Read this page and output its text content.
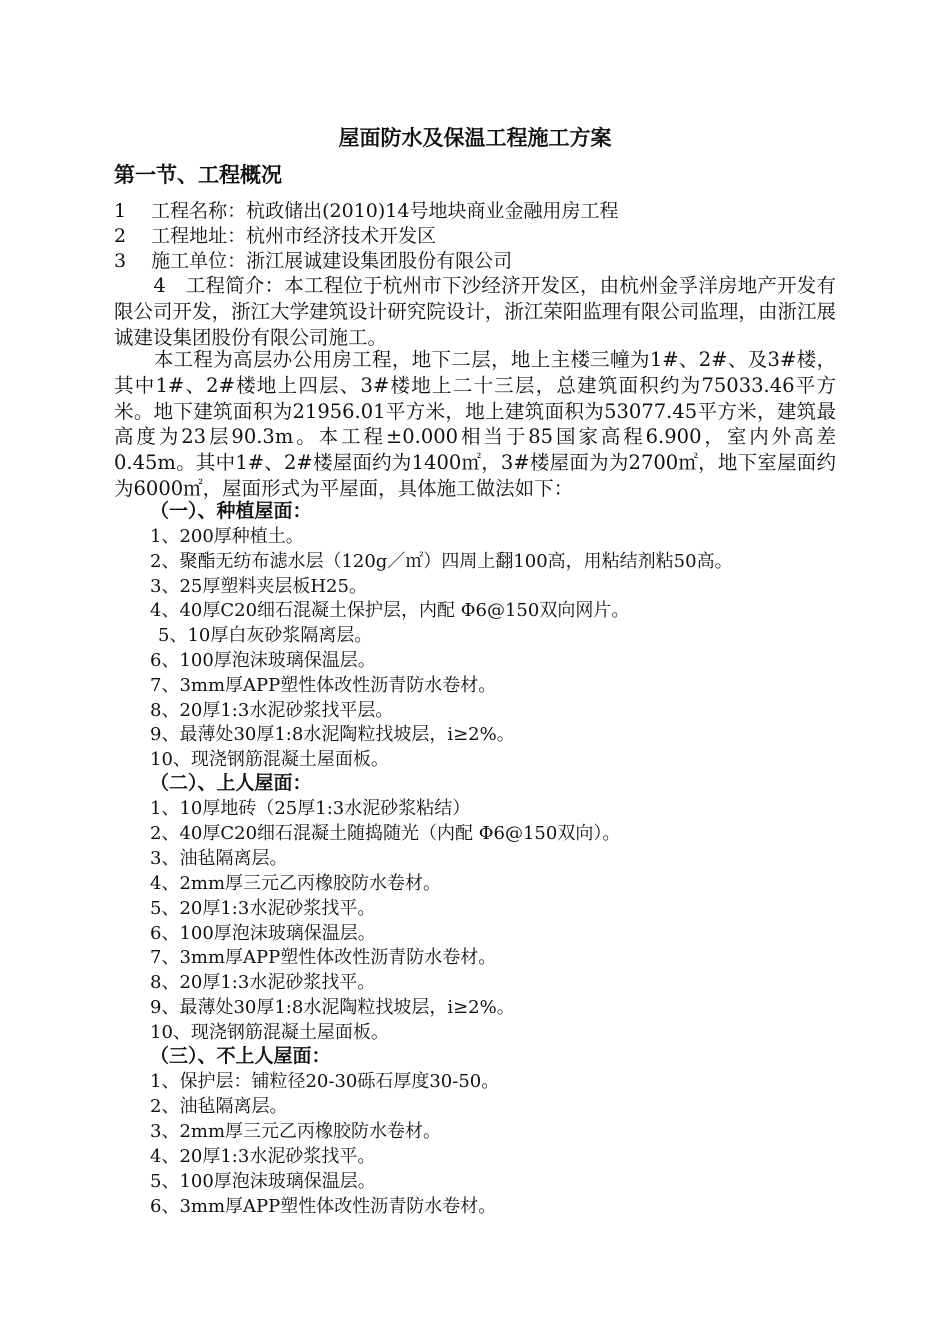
屋面防水及保温工程施工方案
第一节、工程概况
1　 工程名称：杭政储出(2010)14号地块商业金融用房工程
2　 工程地址：杭州市经济技术开发区
3　 施工单位：浙江展诚建设集团股份有限公司
　　4　工程简介：本工程位于杭州市下沙经济开发区，由杭州金孚洋房地产开发有限公司开发，浙江大学建筑设计研究院设计，浙江荣阳监理有限公司监理，由浙江展诚建设集团股份有限公司施工。
　　本工程为高层办公用房工程，地下二层，地上主楼三幢为1#、2#、及3#楼，其中1#、2#楼地上四层、3#楼地上二十三层，总建筑面积约为75033.46平方米。地下建筑面积为21956.01平方米，地上建筑面积为53077.45平方米，建筑最高度为23层90.3m。本工程±0.000相当于85国家高程6.900，室内外高差0.45m。其中1#、2#楼屋面约为1400㎡，3#楼屋面为为2700㎡，地下室屋面约为6000㎡，屋面形式为平屋面，具体施工做法如下：
（一）、种植屋面：
1、200厚种植土。
2、聚酯无纺布滤水层（120g／㎡）四周上翻100高，用粘结剂粘50高。
3、25厚塑料夹层板H25。
4、40厚C20细石混凝土保护层，内配 Φ6@150双向网片。
5、10厚白灰砂浆隔离层。
6、100厚泡沫玻璃保温层。
7、3mm厚APP塑性体改性沥青防水卷材。
8、20厚1:3水泥砂浆找平层。
9、最薄处30厚1:8水泥陶粒找坡层，i≥2%。
10、现浇钢筋混凝土屋面板。
（二）、上人屋面：
1、10厚地砖（25厚1:3水泥砂浆粘结）
2、40厚C20细石混凝土随捣随光（内配 Φ6@150双向）。
3、油毡隔离层。
4、2mm厚三元乙丙橡胶防水卷材。
5、20厚1:3水泥砂浆找平。
6、100厚泡沫玻璃保温层。
7、3mm厚APP塑性体改性沥青防水卷材。
8、20厚1:3水泥砂浆找平。
9、最薄处30厚1:8水泥陶粒找坡层，i≥2%。
10、现浇钢筋混凝土屋面板。
（三）、不上人屋面：
1、保护层：铺粒径20-30砾石厚度30-50。
2、油毡隔离层。
3、2mm厚三元乙丙橡胶防水卷材。
4、20厚1:3水泥砂浆找平。
5、100厚泡沫玻璃保温层。
6、3mm厚APP塑性体改性沥青防水卷材。
